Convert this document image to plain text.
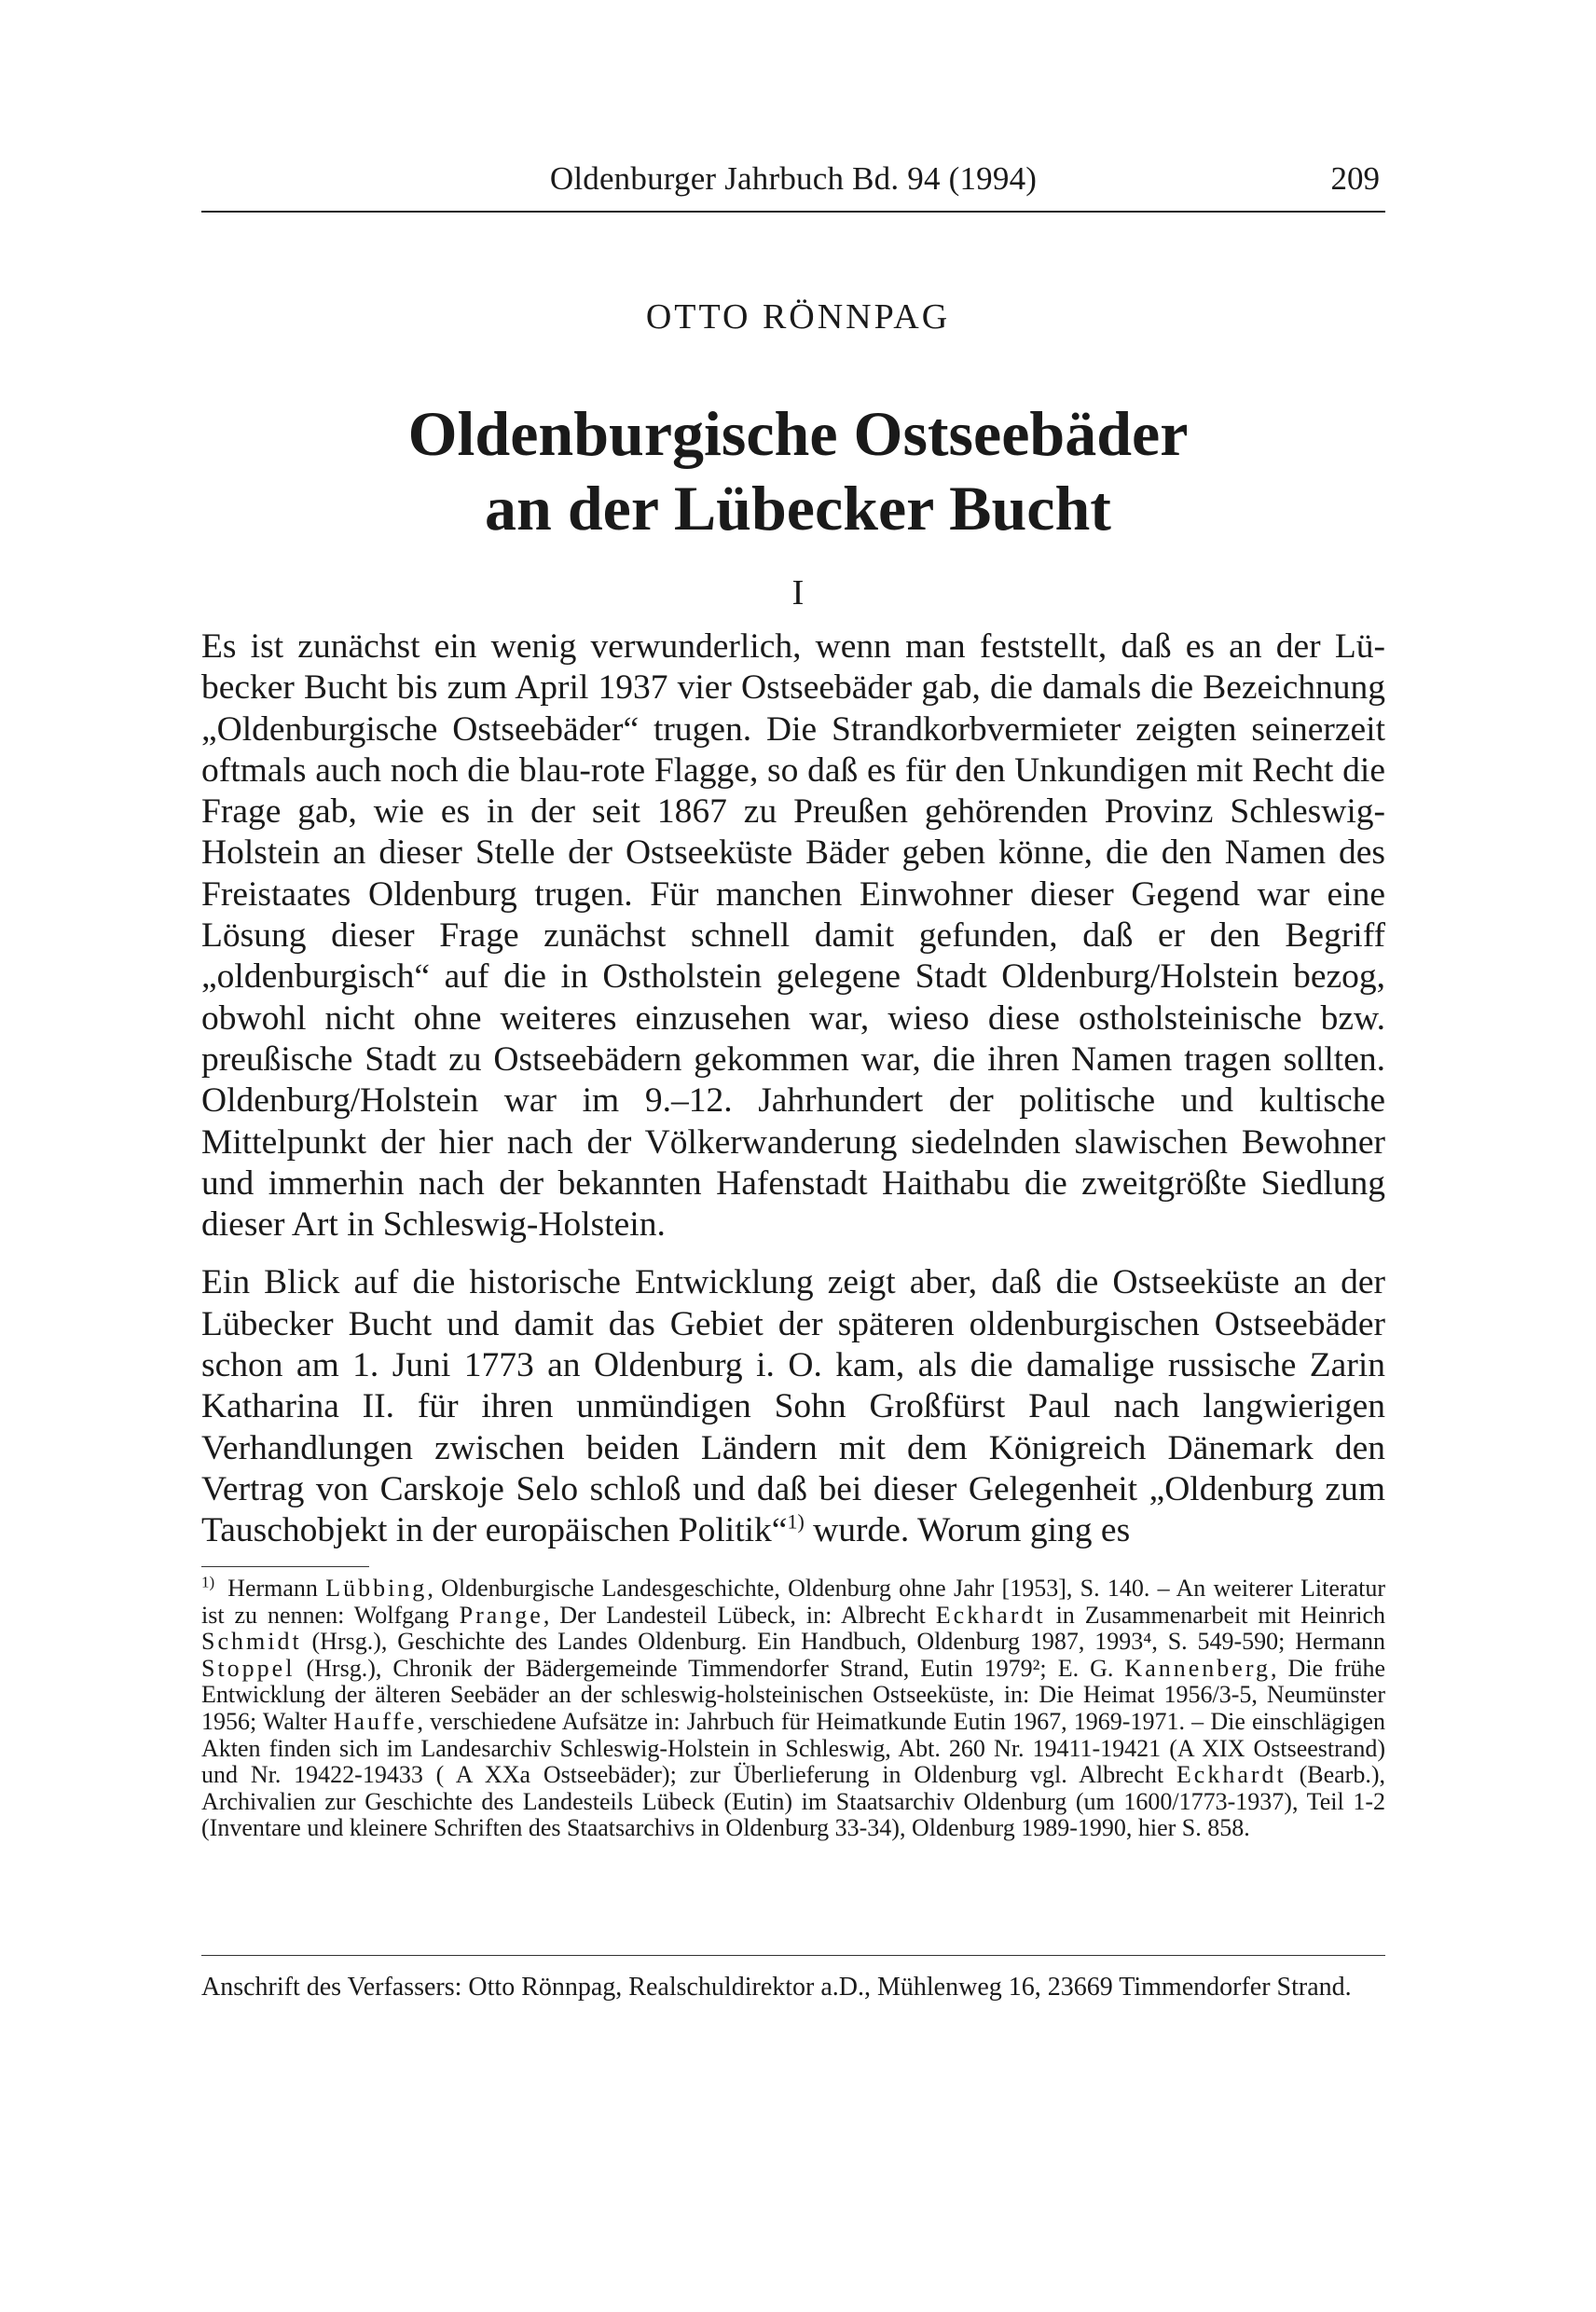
Oldenburger Jahrbuch Bd. 94 (1994)	209
OTTO RÖNNPAG
Oldenburgische Ostseebäder
an der Lübecker Bucht
I

Es ist zunächst ein wenig verwunderlich, wenn man feststellt, daß es an der Lübecker Bucht bis zum April 1937 vier Ostseebäder gab, die damals die Bezeichnung „Oldenburgische Ostseebäder“ trugen. Die Strandkorbvermieter zeigten seinerzeit oftmals auch noch die blau-rote Flagge, so daß es für den Unkundigen mit Recht die Frage gab, wie es in der seit 1867 zu Preußen gehörenden Provinz Schleswig-Holstein an dieser Stelle der Ostseeküste Bäder geben könne, die den Namen des Freistaates Oldenburg trugen. Für manchen Einwohner dieser Gegend war eine Lösung dieser Frage zunächst schnell damit gefunden, daß er den Begriff „oldenburgisch“ auf die in Ostholstein gelegene Stadt Oldenburg/Holstein bezog, obwohl nicht ohne weiteres einzusehen war, wieso diese ostholsteinische bzw. preußische Stadt zu Ostseebädern gekommen war, die ihren Namen tragen sollten. Oldenburg/Holstein war im 9.–12. Jahrhundert der politische und kultische Mittelpunkt der hier nach der Völkerwanderung siedelnden slawischen Bewohner und immerhin nach der bekannten Hafenstadt Haithabu die zweitgrößte Siedlung dieser Art in Schleswig-Holstein.

Ein Blick auf die historische Entwicklung zeigt aber, daß die Ostseeküste an der Lübecker Bucht und damit das Gebiet der späteren oldenburgischen Ostseebäder schon am 1. Juni 1773 an Oldenburg i. O. kam, als die damalige russische Zarin Katharina II. für ihren unmündigen Sohn Großfürst Paul nach langwierigen Verhandlungen zwischen beiden Ländern mit dem Königreich Dänemark den Vertrag von Carskoje Selo schloß und daß bei dieser Gelegenheit „Oldenburg zum Tauschobjekt in der europäischen Politik“$^{1)}$ wurde. Worum ging es

$^{1)}$ Hermann Lübbing, Oldenburgische Landesgeschichte, Oldenburg ohne Jahr [1953], S. 140. – An weiterer Literatur ist zu nennen: Wolfgang Prange, Der Landesteil Lübeck, in: Albrecht Eckhardt in Zusammenarbeit mit Heinrich Schmidt (Hrsg.), Geschichte des Landes Oldenburg. Ein Handbuch, Oldenburg 1987, 1993⁴, S. 549-590; Hermann Stoppel (Hrsg.), Chronik der Bädergemeinde Timmendorfer Strand, Eutin 1979²; E. G. Kannenberg, Die frühe Entwicklung der älteren Seebäder an der schleswig-holsteinischen Ostseeküste, in: Die Heimat 1956/3-5, Neumünster 1956; Walter Hauffe, verschiedene Aufsätze in: Jahrbuch für Heimatkunde Eutin 1967, 1969-1971. – Die einschlägigen Akten finden sich im Landesarchiv Schleswig-Holstein in Schleswig, Abt. 260 Nr. 19411-19421 (A XIX Ostseestrand) und Nr. 19422-19433 ( A XXa Ostseebäder); zur Überlieferung in Oldenburg vgl. Albrecht Eckhardt (Bearb.), Archivalien zur Geschichte des Landesteils Lübeck (Eutin) im Staatsarchiv Oldenburg (um 1600/1773-1937), Teil 1-2 (Inventare und kleinere Schriften des Staatsarchivs in Oldenburg 33-34), Oldenburg 1989-1990, hier S. 858.
Anschrift des Verfassers: Otto Rönnpag, Realschuldirektor a.D., Mühlenweg 16, 23669 Timmendorfer Strand.
